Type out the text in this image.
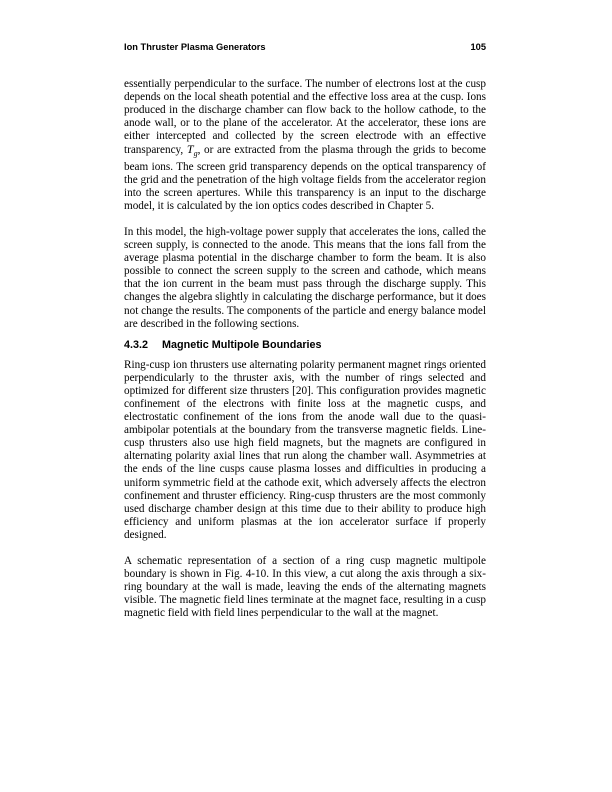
Ion Thruster Plasma Generators	105

essentially perpendicular to the surface. The number of electrons lost at the cusp depends on the local sheath potential and the effective loss area at the cusp. Ions produced in the discharge chamber can flow back to the hollow cathode, to the anode wall, or to the plane of the accelerator. At the accelerator, these ions are either intercepted and collected by the screen electrode with an effective transparency, $T_g$, or are extracted from the plasma through the grids to become beam ions. The screen grid transparency depends on the optical transparency of the grid and the penetration of the high voltage fields from the accelerator region into the screen apertures. While this transparency is an input to the discharge model, it is calculated by the ion optics codes described in Chapter 5.

In this model, the high-voltage power supply that accelerates the ions, called the screen supply, is connected to the anode. This means that the ions fall from the average plasma potential in the discharge chamber to form the beam. It is also possible to connect the screen supply to the screen and cathode, which means that the ion current in the beam must pass through the discharge supply. This changes the algebra slightly in calculating the discharge performance, but it does not change the results. The components of the particle and energy balance model are described in the following sections.

4.3.2 Magnetic Multipole Boundaries

Ring-cusp ion thrusters use alternating polarity permanent magnet rings oriented perpendicularly to the thruster axis, with the number of rings selected and optimized for different size thrusters [20]. This configuration provides magnetic confinement of the electrons with finite loss at the magnetic cusps, and electrostatic confinement of the ions from the anode wall due to the quasi-ambipolar potentials at the boundary from the transverse magnetic fields. Line-cusp thrusters also use high field magnets, but the magnets are configured in alternating polarity axial lines that run along the chamber wall. Asymmetries at the ends of the line cusps cause plasma losses and difficulties in producing a uniform symmetric field at the cathode exit, which adversely affects the electron confinement and thruster efficiency. Ring-cusp thrusters are the most commonly used discharge chamber design at this time due to their ability to produce high efficiency and uniform plasmas at the ion accelerator surface if properly designed.

A schematic representation of a section of a ring cusp magnetic multipole boundary is shown in Fig. 4-10. In this view, a cut along the axis through a six-ring boundary at the wall is made, leaving the ends of the alternating magnets visible. The magnetic field lines terminate at the magnet face, resulting in a cusp magnetic field with field lines perpendicular to the wall at the magnet.
